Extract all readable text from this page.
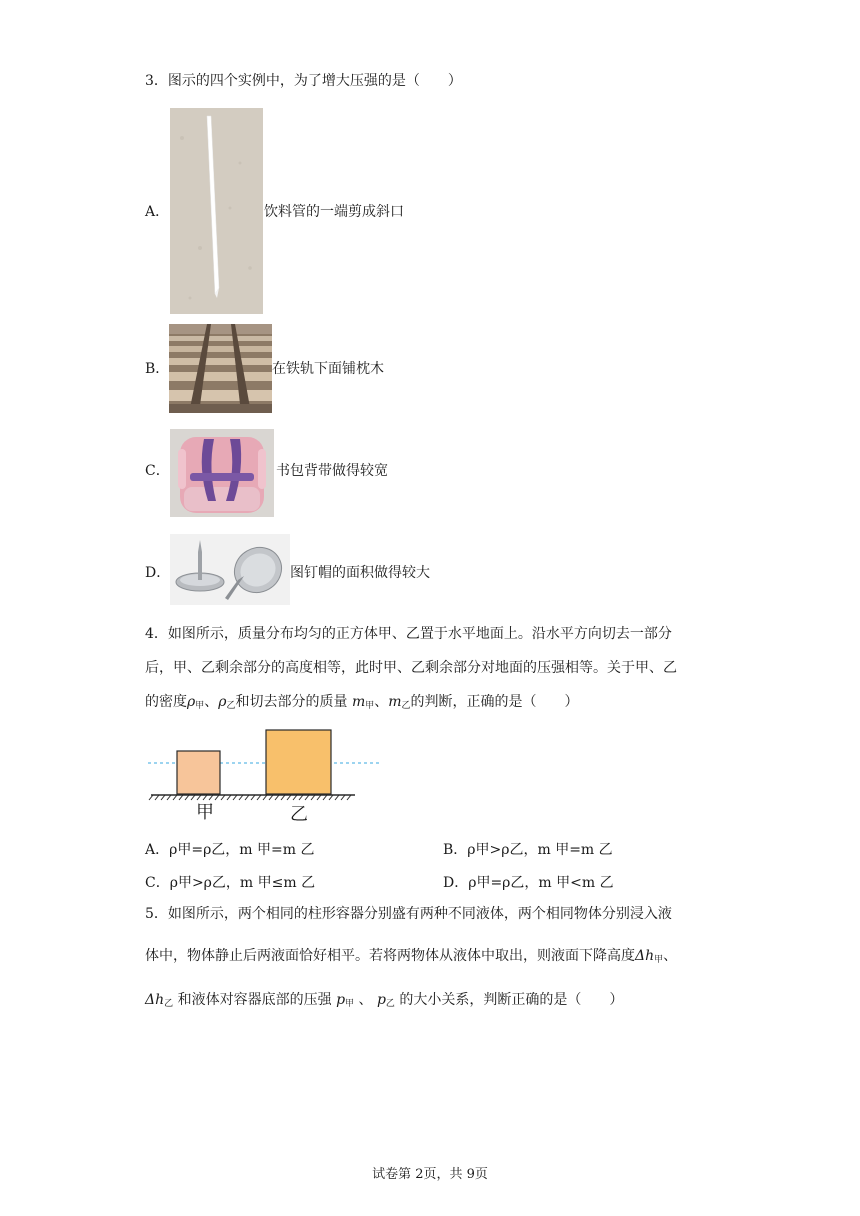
3．图示的四个实例中，为了增大压强的是（　　）
A．	饮料管的一端剪成斜口
B．	在铁轨下面铺枕木
C．	书包背带做得较宽
D．	图钉帽的面积做得较大
4．如图所示，质量分布均匀的正方体甲、乙置于水平地面上。沿水平方向切去一部分
后，甲、乙剩余部分的高度相等，此时甲、乙剩余部分对地面的压强相等。关于甲、乙
的密度$\rho_甲$、$\rho_乙$和切去部分的质量 $m_甲$、$m_乙$的判断，正确的是（　　）
甲	乙
A．ρ甲=ρ乙，m 甲=m 乙	B．ρ甲>ρ乙，m 甲=m 乙
C．ρ甲>ρ乙，m 甲≤m 乙	D．ρ甲=ρ乙，m 甲<m 乙
5．如图所示，两个相同的柱形容器分别盛有两种不同液体，两个相同物体分别浸入液
体中，物体静止后两液面恰好相平。若将两物体从液体中取出，则液面下降高度$\Delta h_甲$、
$\Delta h_乙$ 和液体对容器底部的压强 $p_甲$ 、 $p_乙$ 的大小关系，判断正确的是（　　）
试卷第 2页，共 9页
